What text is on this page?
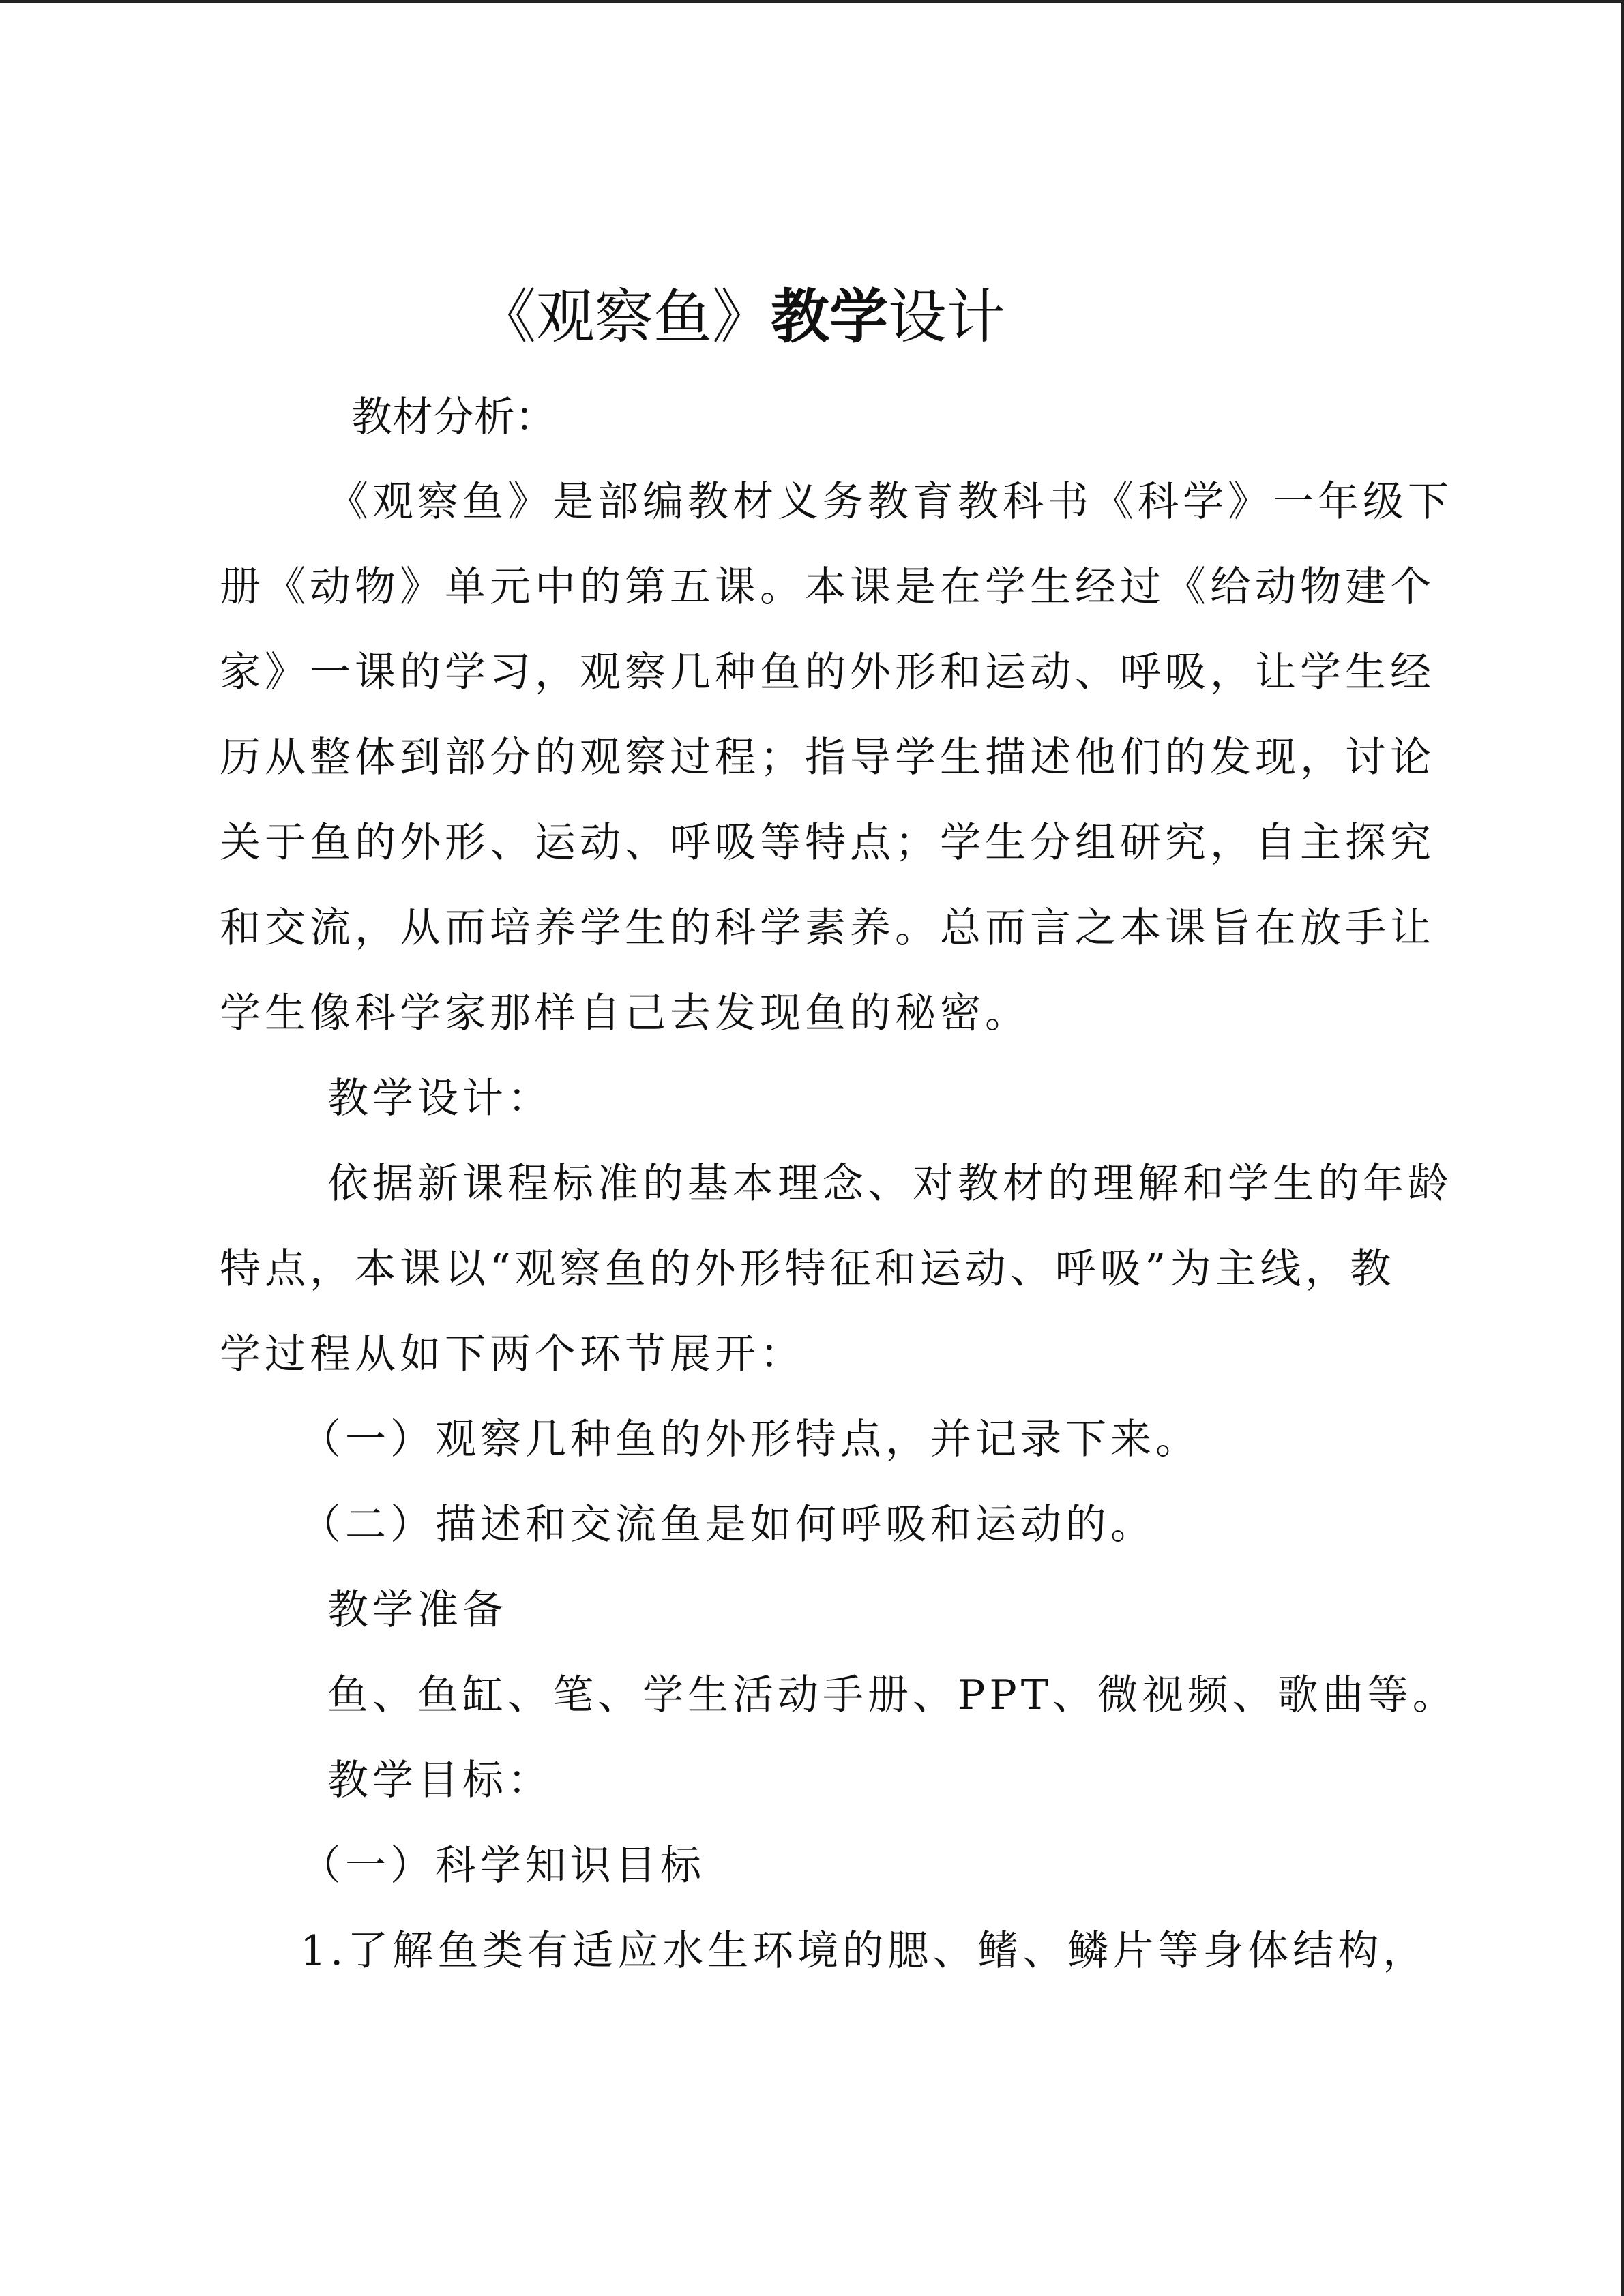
《观察鱼》教学设计

教材分析：

《观察鱼》是部编教材义务教育教科书《科学》一年级下

册《动物》单元中的第五课。本课是在学生经过《给动物建个

家》一课的学习，观察几种鱼的外形和运动、呼吸，让学生经

历从整体到部分的观察过程；指导学生描述他们的发现，讨论

关于鱼的外形、运动、呼吸等特点；学生分组研究，自主探究

和交流，从而培养学生的科学素养。总而言之本课旨在放手让

学生像科学家那样自己去发现鱼的秘密。

教学设计：

依据新课程标准的基本理念、对教材的理解和学生的年龄

特点，本课以“观察鱼的外形特征和运动、呼吸”为主线，教

学过程从如下两个环节展开：

（一）观察几种鱼的外形特点，并记录下来。

（二）描述和交流鱼是如何呼吸和运动的。

教学准备

鱼、鱼缸、笔、学生活动手册、PPT、微视频、歌曲等。

教学目标：

（一）科学知识目标

1.了解鱼类有适应水生环境的腮、鳍、鳞片等身体结构，
